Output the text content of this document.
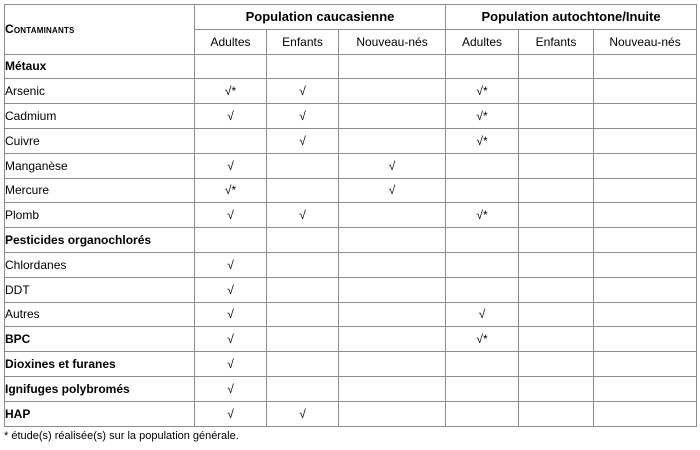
Contaminants	Population caucasienne			Population autochtone/Inuite		
	Adultes	Enfants	Nouveau-nés	Adultes	Enfants	Nouveau-nés
Métaux						
Arsenic	√*	√		√*		
Cadmium	√	√		√*		
Cuivre		√		√*		
Manganèse	√		√			
Mercure	√*		√			
Plomb	√	√		√*		
Pesticides organochlorés						
Chlordanes	√					
DDT	√					
Autres	√			√		
BPC	√			√*		
Dioxines et furanes	√					
Ignifuges polybromés	√					
HAP	√	√				
* étude(s) réalisée(s) sur la population générale.
